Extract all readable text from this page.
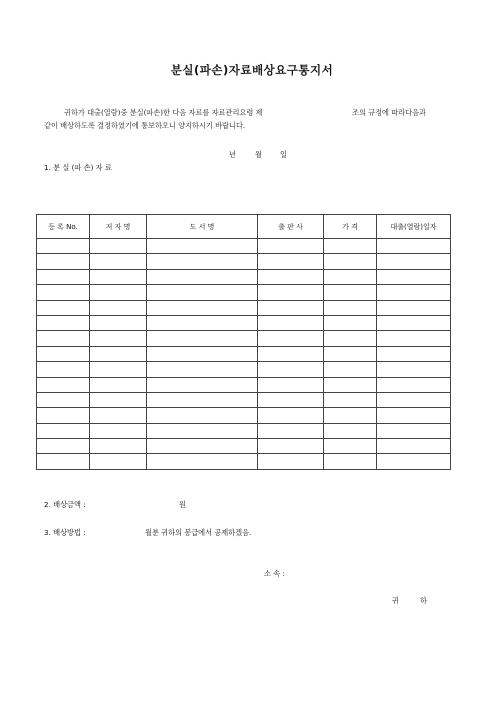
분실(파손)자료배상요구통지서
귀하가 대출(열람)중 분실(파손)한 다음 자료를 자료관리요령 제	조의 규정에 따라다음과
같이 배상하도록 결정하였기에 통보하오니 양지하시기 바랍니다.
년	월	일
1. 분 실 (파 손) 자 료
등 록 No.	저 자 명	도 서 명	출 판 사	가 격	대출(열람)일자

2. 배상금액 :	원
3. 배상방법 :	월분 귀하의 봉급에서 공제하겠음.
소 속 :
귀	하
